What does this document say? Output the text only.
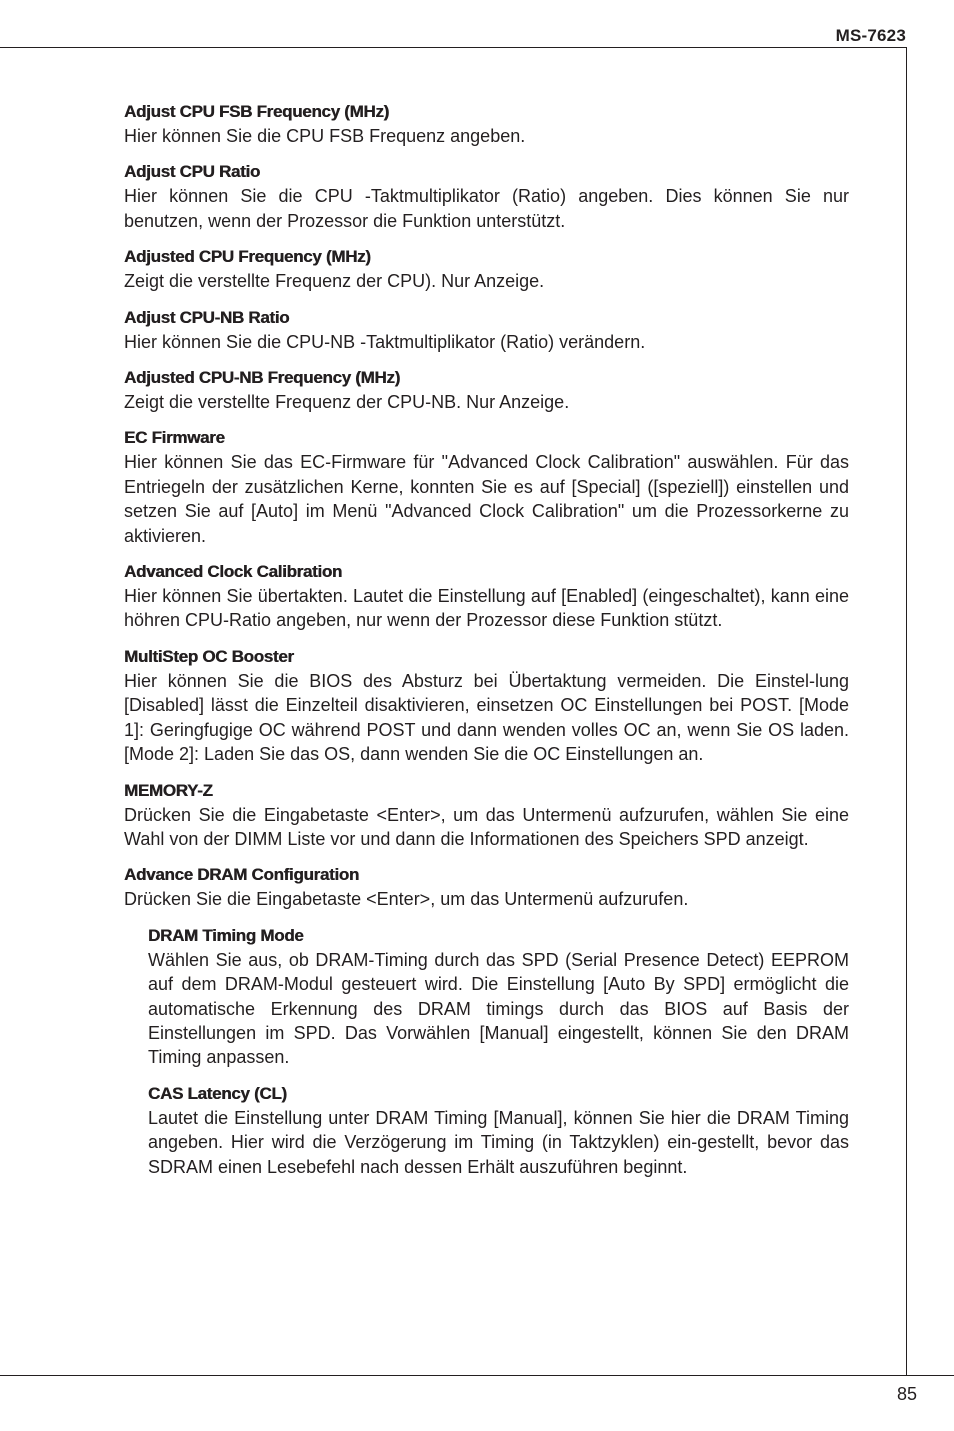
MS-7623
85
Adjust CPU FSB Frequency (MHz)
Hier können Sie die CPU FSB Frequenz angeben.
Adjust CPU Ratio
Hier können Sie die CPU -Taktmultiplikator (Ratio) angeben. Dies können Sie nur benutzen, wenn der Prozessor die Funktion unterstützt.
Adjusted CPU Frequency (MHz)
Zeigt die verstellte Frequenz der CPU). Nur Anzeige.
Adjust CPU-NB Ratio
Hier können Sie die CPU-NB -Taktmultiplikator (Ratio) verändern.
Adjusted CPU-NB Frequency (MHz)
Zeigt die verstellte Frequenz der CPU-NB. Nur Anzeige.
EC Firmware
Hier können Sie das EC-Firmware für "Advanced Clock Calibration" auswählen. Für das Entriegeln der zusätzlichen Kerne, konnten Sie es auf [Special] ([speziell]) einstellen und setzen Sie auf [Auto] im Menü "Advanced Clock Calibration" um die Prozessorkerne zu aktivieren.
Advanced Clock Calibration
Hier können Sie übertakten. Lautet die Einstellung auf [Enabled] (eingeschaltet), kann eine höhren CPU-Ratio angeben, nur wenn der Prozessor diese Funktion stützt.
MultiStep OC Booster
Hier können Sie die BIOS des Absturz bei Übertaktung vermeiden. Die Einstel-lung [Disabled] lässt die Einzelteil disaktivieren, einsetzen OC Einstellungen bei POST. [Mode 1]: Geringfugige OC während POST und dann wenden volles OC an, wenn Sie OS laden. [Mode 2]: Laden Sie das OS, dann wenden Sie die OC Einstellungen an.
MEMORY-Z
Drücken Sie die Eingabetaste <Enter>, um das Untermenü aufzurufen, wählen Sie eine Wahl von der DIMM Liste vor und dann die Informationen des Speichers SPD anzeigt.
Advance DRAM Configuration
Drücken Sie die Eingabetaste <Enter>, um das Untermenü aufzurufen.
DRAM Timing Mode
Wählen Sie aus, ob DRAM-Timing durch das SPD (Serial Presence Detect) EEPROM auf dem DRAM-Modul gesteuert wird. Die Einstellung [Auto By SPD] ermöglicht die automatische Erkennung des DRAM timings durch das BIOS auf Basis der Einstellungen im SPD. Das Vorwählen [Manual] eingestellt, können Sie den DRAM Timing anpassen.
CAS Latency (CL)
Lautet die Einstellung unter DRAM Timing [Manual], können Sie hier die DRAM Timing angeben. Hier wird die Verzögerung im Timing (in Taktzyklen) ein-gestellt, bevor das SDRAM einen Lesebefehl nach dessen Erhält auszuführen beginnt.
